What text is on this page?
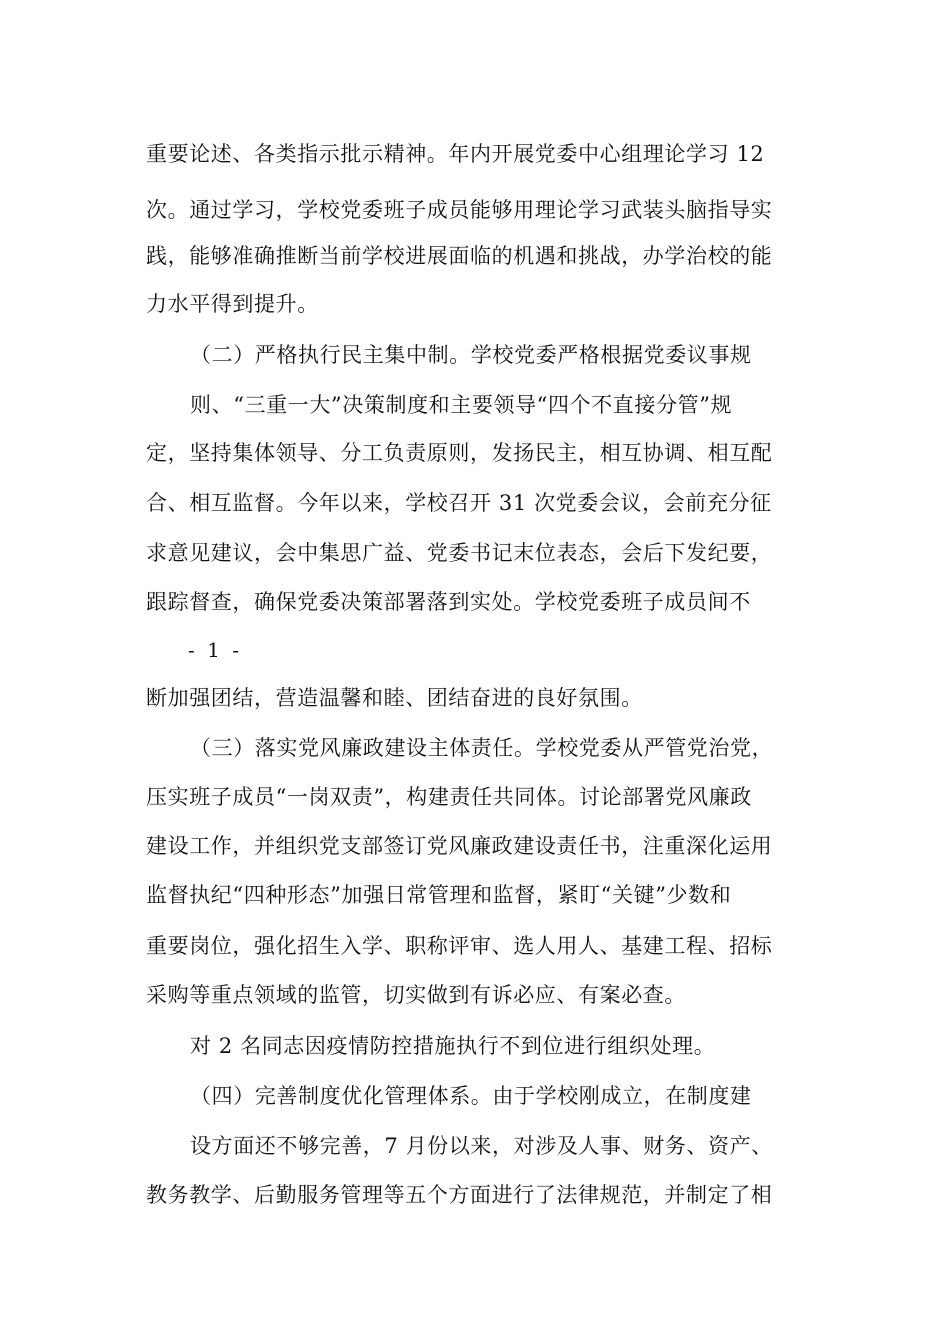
重要论述、各类指示批示精神。年内开展党委中心组理论学习 12
次。通过学习，学校党委班子成员能够用理论学习武装头脑指导实
践，能够准确推断当前学校进展面临的机遇和挑战，办学治校的能
力水平得到提升。
（二）严格执行民主集中制。学校党委严格根据党委议事规
则、“三重一大”决策制度和主要领导“四个不直接分管”规
定，坚持集体领导、分工负责原则，发扬民主，相互协调、相互配
合、相互监督。今年以来，学校召开 31 次党委会议，会前充分征
求意见建议，会中集思广益、党委书记末位表态，会后下发纪要，
跟踪督查，确保党委决策部署落到实处。学校党委班子成员间不
- 1 -
断加强团结，营造温馨和睦、团结奋进的良好氛围。
（三）落实党风廉政建设主体责任。学校党委从严管党治党，
压实班子成员“一岗双责”，构建责任共同体。讨论部署党风廉政
建设工作，并组织党支部签订党风廉政建设责任书，注重深化运用
监督执纪“四种形态”加强日常管理和监督，紧盯“关键”少数和
重要岗位，强化招生入学、职称评审、选人用人、基建工程、招标
采购等重点领域的监管，切实做到有诉必应、有案必查。
对 2 名同志因疫情防控措施执行不到位进行组织处理。
（四）完善制度优化管理体系。由于学校刚成立，在制度建
设方面还不够完善，7 月份以来，对涉及人事、财务、资产、
教务教学、后勤服务管理等五个方面进行了法律规范，并制定了相
